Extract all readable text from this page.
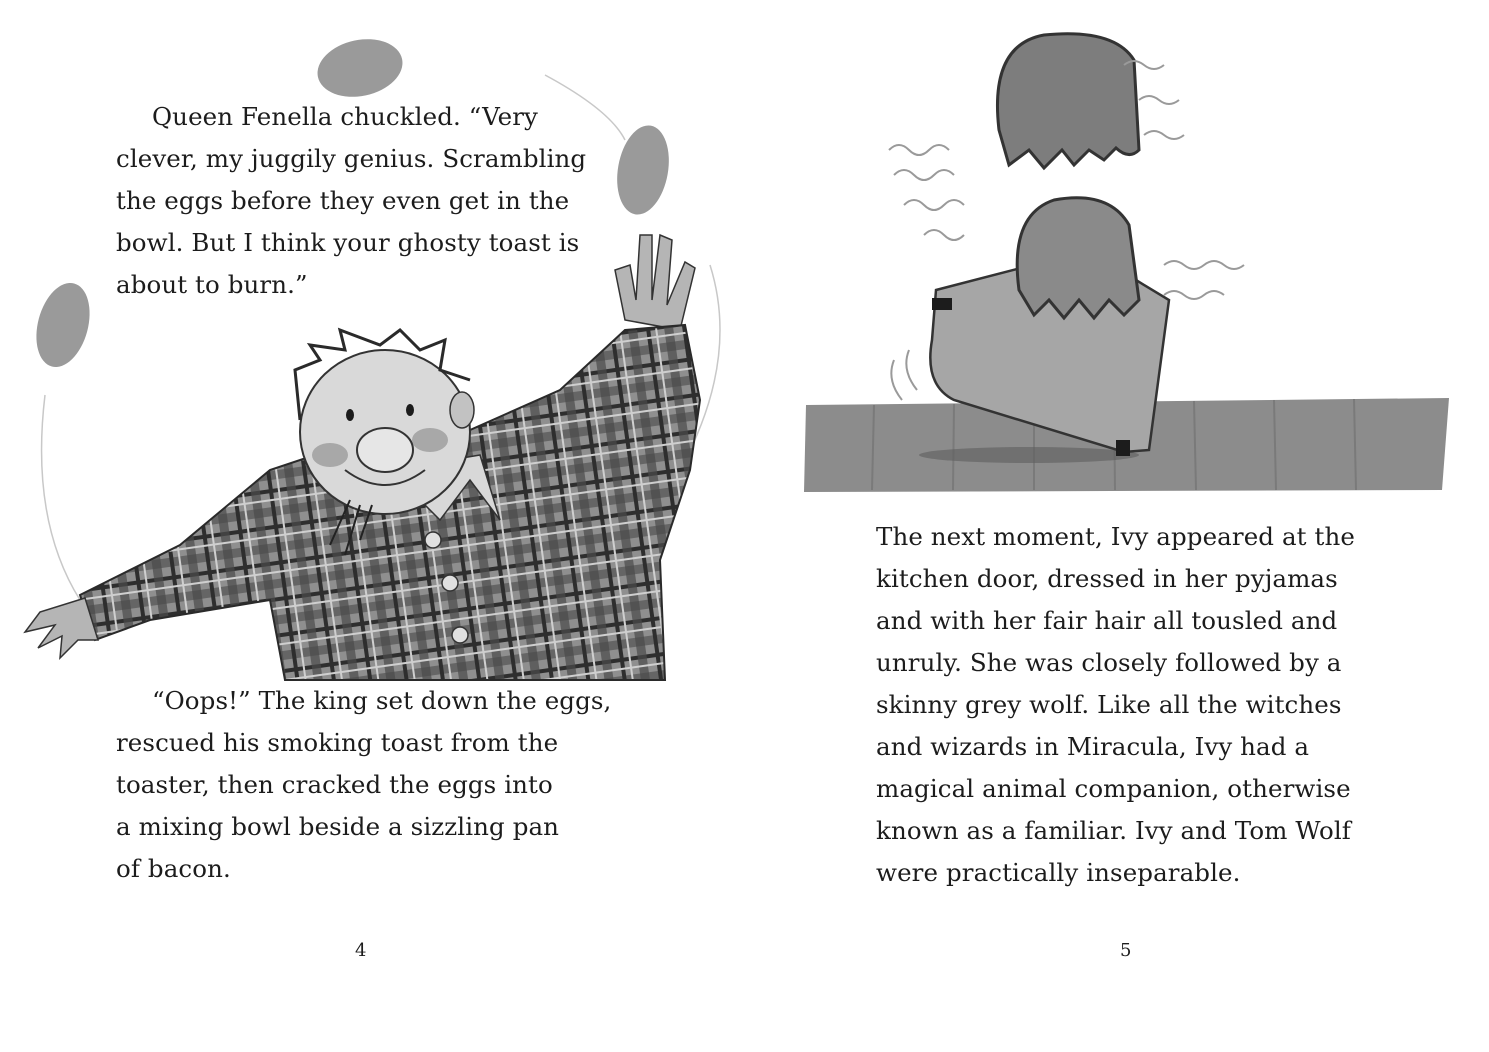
Queen Fenella chuckled. “Very
clever, my juggily genius. Scrambling
the eggs before they even get in the
bowl. But I think your ghosty toast is
about to burn.”
“Oops!” The king set down the eggs,
rescued his smoking toast from the
toaster, then cracked the eggs into
a mixing bowl beside a sizzling pan
of bacon.
4
The next moment, Ivy appeared at the
kitchen door, dressed in her pyjamas
and with her fair hair all tousled and
unruly. She was closely followed by a
skinny grey wolf. Like all the witches
and wizards in Miracula, Ivy had a
magical animal companion, otherwise
known as a familiar. Ivy and Tom Wolf
were practically inseparable.
5
